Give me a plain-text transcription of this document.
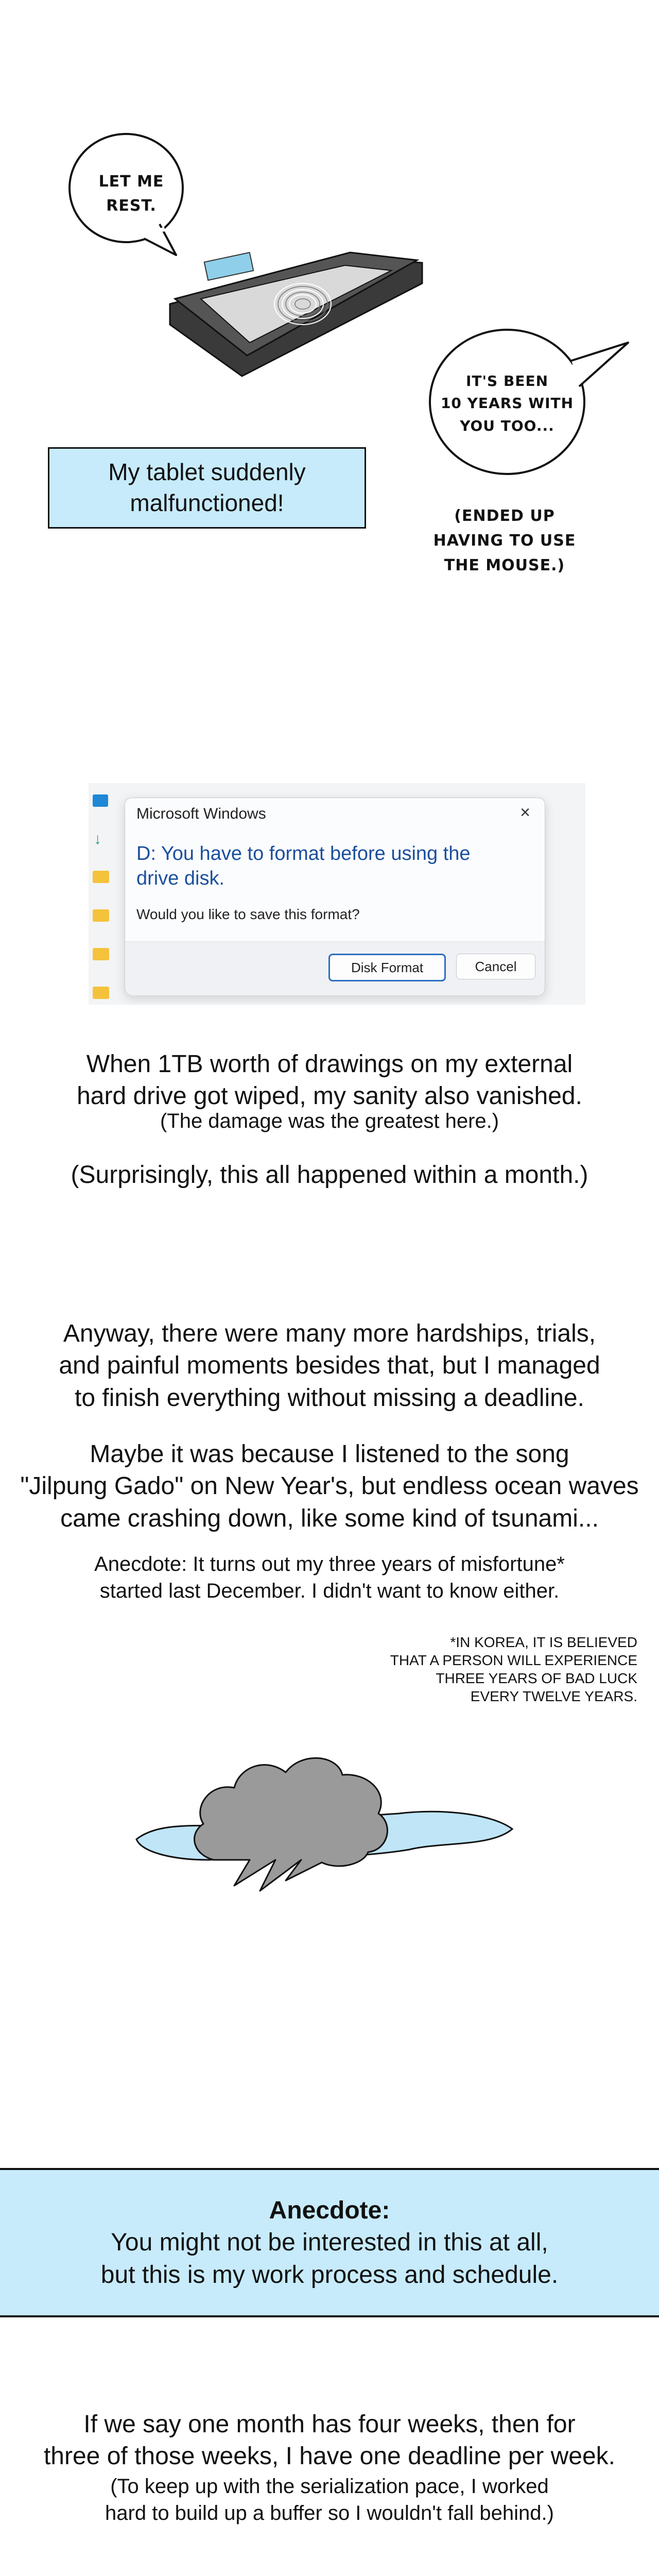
LET ME
REST.
IT'S BEEN
10 YEARS WITH
YOU TOO...
(ENDED UP
HAVING TO USE
THE MOUSE.)
My tablet suddenly
malfunctioned!
↓
Microsoft Windows	×
D: You have to format before using the
drive disk.
Would you like to save this format?
Disk Format	Cancel
When 1TB worth of drawings on my external
hard drive got wiped, my sanity also vanished.
(The damage was the greatest here.)
(Surprisingly, this all happened within a month.)
Anyway, there were many more hardships, trials,
and painful moments besides that, but I managed
to finish everything without missing a deadline.
Maybe it was because I listened to the song
"Jilpung Gado" on New Year's, but endless ocean waves
came crashing down, like some kind of tsunami...
Anecdote: It turns out my three years of misfortune*
started last December. I didn't want to know either.
*IN KOREA, IT IS BELIEVED
THAT A PERSON WILL EXPERIENCE
THREE YEARS OF BAD LUCK
EVERY TWELVE YEARS.
Anecdote:
You might not be interested in this at all,
but this is my work process and schedule.
If we say one month has four weeks, then for
three of those weeks, I have one deadline per week.
(To keep up with the serialization pace, I worked
hard to build up a buffer so I wouldn't fall behind.)
